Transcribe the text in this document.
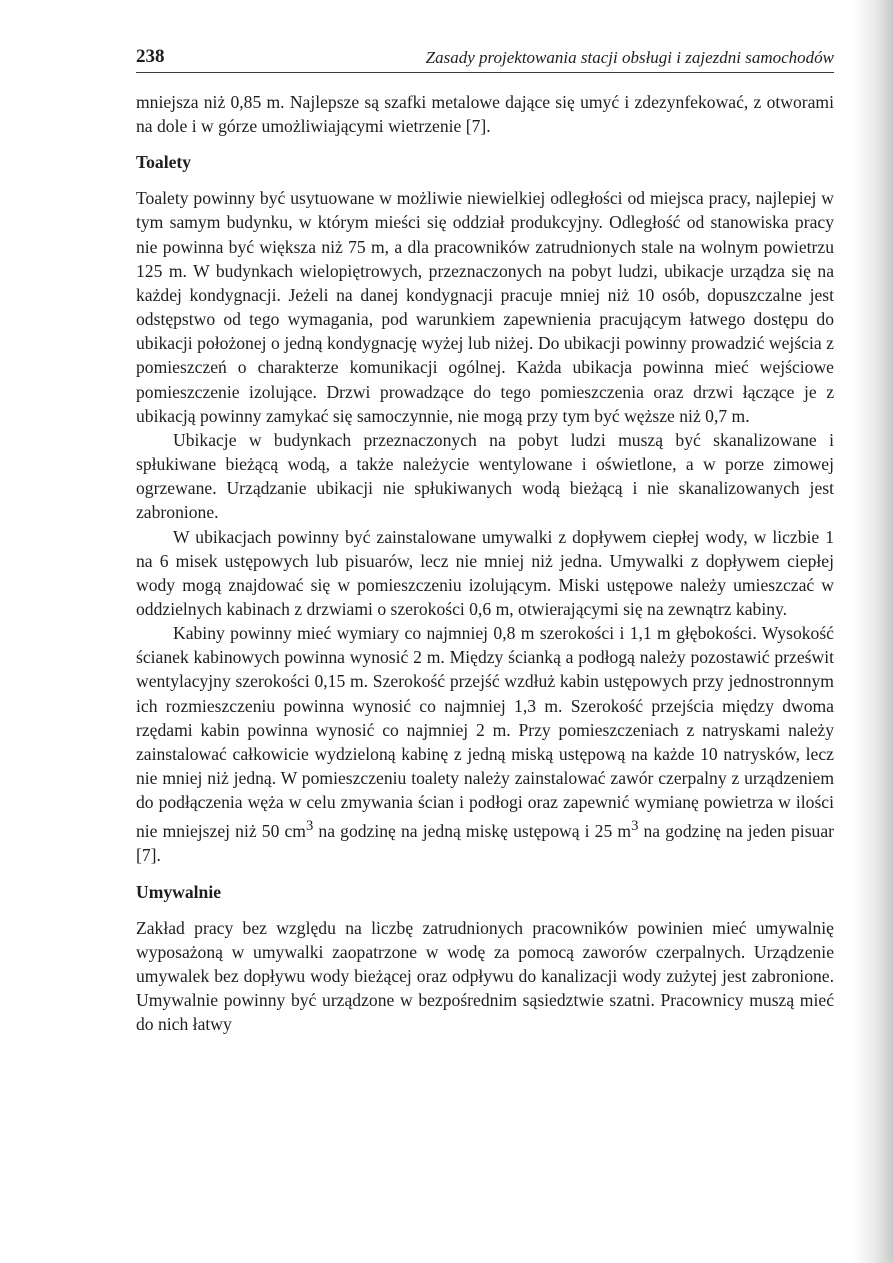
238	Zasady projektowania stacji obsługi i zajezdni samochodów

mniejsza niż 0,85 m. Najlepsze są szafki metalowe dające się umyć i zdezynfekować, z otworami na dole i w górze umożliwiającymi wietrzenie [7].

Toalety

Toalety powinny być usytuowane w możliwie niewielkiej odległości od miejsca pracy, najlepiej w tym samym budynku, w którym mieści się oddział produkcyjny. Odległość od stanowiska pracy nie powinna być większa niż 75 m, a dla pracowników zatrudnionych stale na wolnym powietrzu 125 m. W budynkach wielopiętrowych, przeznaczonych na pobyt ludzi, ubikacje urządza się na każdej kondygnacji. Jeżeli na danej kondygnacji pracuje mniej niż 10 osób, dopuszczalne jest odstępstwo od tego wymagania, pod warunkiem zapewnienia pracującym łatwego dostępu do ubikacji położonej o jedną kondygnację wyżej lub niżej. Do ubikacji powinny prowadzić wejścia z pomieszczeń o charakterze komunikacji ogólnej. Każda ubikacja powinna mieć wejściowe pomieszczenie izolujące. Drzwi prowadzące do tego pomieszczenia oraz drzwi łączące je z ubikacją powinny zamykać się samoczynnie, nie mogą przy tym być węższe niż 0,7 m.

Ubikacje w budynkach przeznaczonych na pobyt ludzi muszą być skanalizowane i spłukiwane bieżącą wodą, a także należycie wentylowane i oświetlone, a w porze zimowej ogrzewane. Urządzanie ubikacji nie spłukiwanych wodą bieżącą i nie skanalizowanych jest zabronione.

W ubikacjach powinny być zainstalowane umywalki z dopływem ciepłej wody, w liczbie 1 na 6 misek ustępowych lub pisuarów, lecz nie mniej niż jedna. Umywalki z dopływem ciepłej wody mogą znajdować się w pomieszczeniu izolującym. Miski ustępowe należy umieszczać w oddzielnych kabinach z drzwiami o szerokości 0,6 m, otwierającymi się na zewnątrz kabiny.

Kabiny powinny mieć wymiary co najmniej 0,8 m szerokości i 1,1 m głębokości. Wysokość ścianek kabinowych powinna wynosić 2 m. Między ścianką a podłogą należy pozostawić prześwit wentylacyjny szerokości 0,15 m. Szerokość przejść wzdłuż kabin ustępowych przy jednostronnym ich rozmieszczeniu powinna wynosić co najmniej 1,3 m. Szerokość przejścia między dwoma rzędami kabin powinna wynosić co najmniej 2 m. Przy pomieszczeniach z natryskami należy zainstalować całkowicie wydzieloną kabinę z jedną miską ustępową na każde 10 natrysków, lecz nie mniej niż jedną. W pomieszczeniu toalety należy zainstalować zawór czerpalny z urządzeniem do podłączenia węża w celu zmywania ścian i podłogi oraz zapewnić wymianę powietrza w ilości nie mniejszej niż 50 $cm^3$ na godzinę na jedną miskę ustępową i 25 $m^3$ na godzinę na jeden pisuar [7].

Umywalnie

Zakład pracy bez względu na liczbę zatrudnionych pracowników powinien mieć umywalnię wyposażoną w umywalki zaopatrzone w wodę za pomocą zaworów czerpalnych. Urządzenie umywalek bez dopływu wody bieżącej oraz odpływu do kanalizacji wody zużytej jest zabronione. Umywalnie powinny być urządzone w bezpośrednim sąsiedztwie szatni. Pracownicy muszą mieć do nich łatwy
